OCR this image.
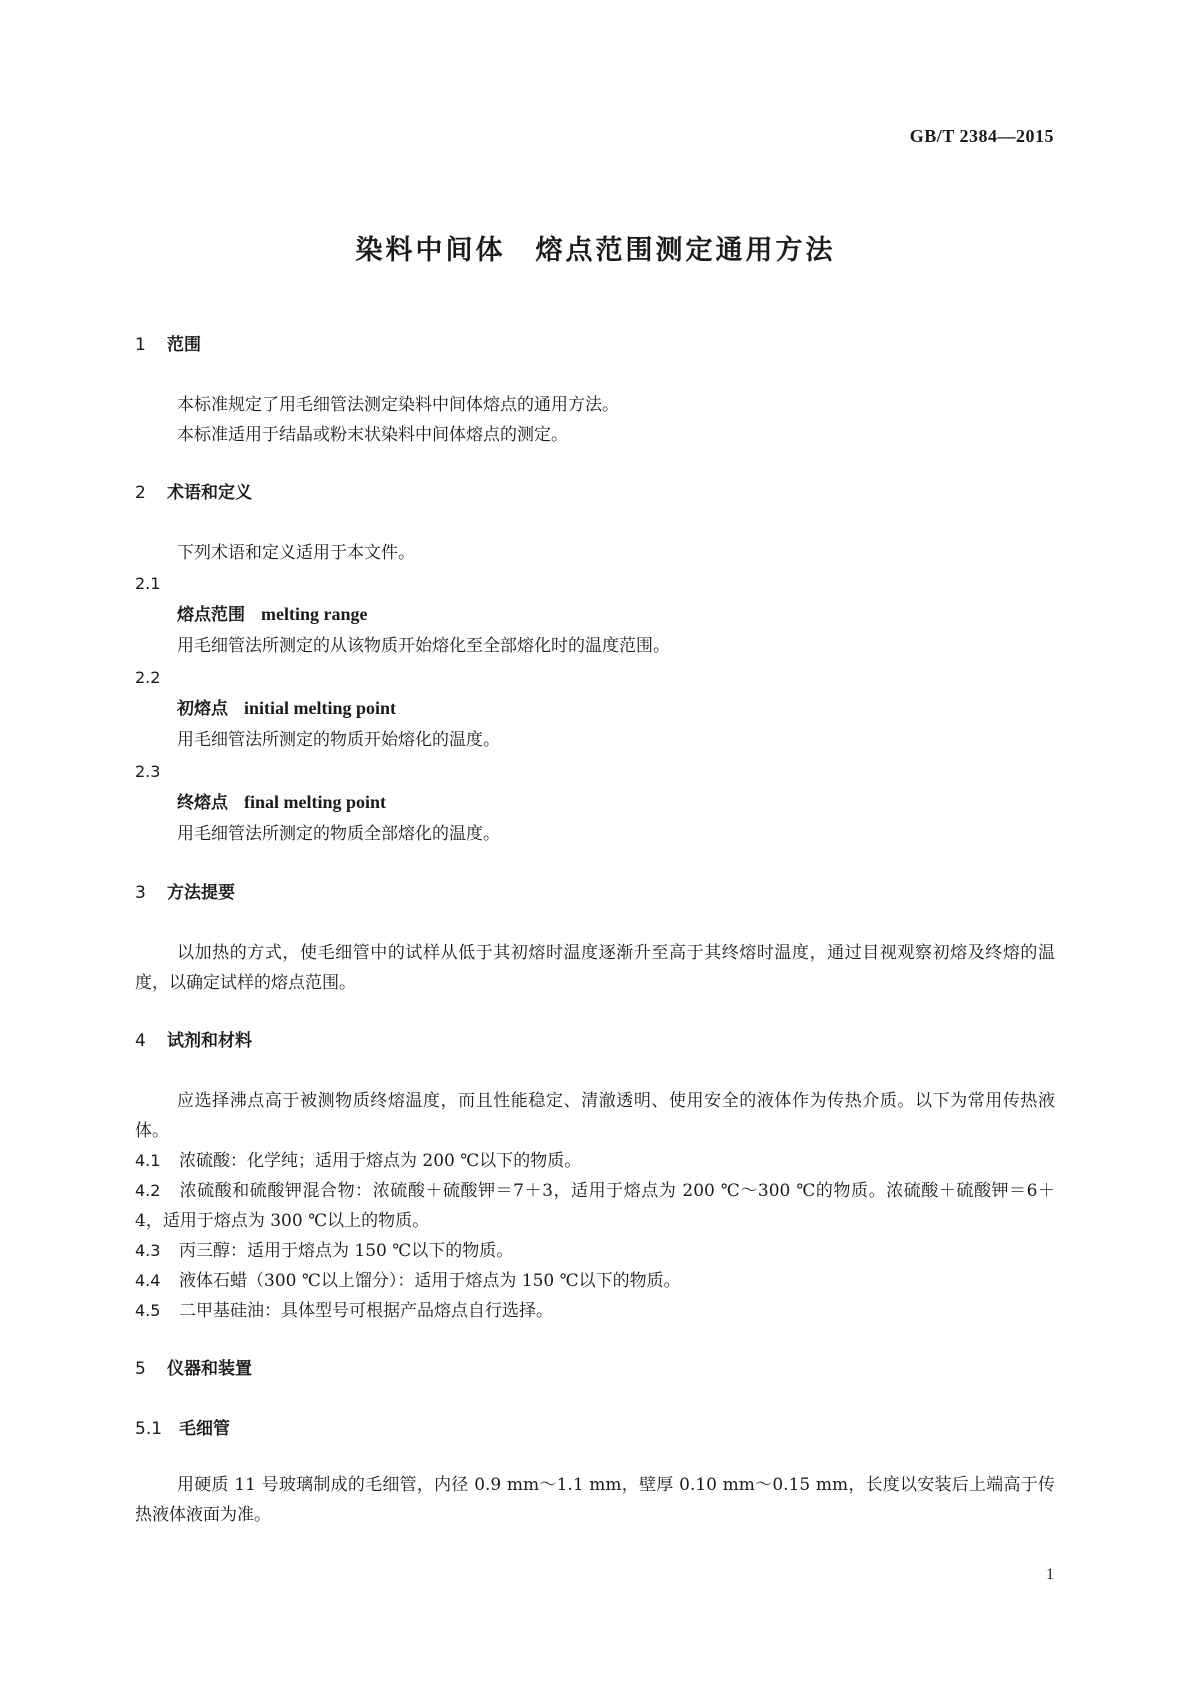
GB/T 2384—2015
染料中间体　熔点范围测定通用方法
1 范围

本标准规定了用毛细管法测定染料中间体熔点的通用方法。

本标准适用于结晶或粉末状染料中间体熔点的测定。

2 术语和定义

下列术语和定义适用于本文件。

2.1
熔点范围 melting range
用毛细管法所测定的从该物质开始熔化至全部熔化时的温度范围。
2.2
初熔点 initial melting point
用毛细管法所测定的物质开始熔化的温度。
2.3
终熔点 final melting point
用毛细管法所测定的物质全部熔化的温度。
3 方法提要

以加热的方式，使毛细管中的试样从低于其初熔时温度逐渐升至高于其终熔时温度，通过目视观察初熔及终熔的温度，以确定试样的熔点范围。

4 试剂和材料

应选择沸点高于被测物质终熔温度，而且性能稳定、清澈透明、使用安全的液体作为传热介质。以下为常用传热液体。

4.1 浓硫酸：化学纯；适用于熔点为 200 ℃以下的物质。
4.2 浓硫酸和硫酸钾混合物：浓硫酸＋硫酸钾＝7＋3，适用于熔点为 200 ℃～300 ℃的物质。浓硫酸＋硫酸钾＝6＋4，适用于熔点为 300 ℃以上的物质。
4.3 丙三醇：适用于熔点为 150 ℃以下的物质。
4.4 液体石蜡（300 ℃以上馏分）：适用于熔点为 150 ℃以下的物质。
4.5 二甲基硅油：具体型号可根据产品熔点自行选择。
5 仪器和装置
5.1 毛细管

用硬质 11 号玻璃制成的毛细管，内径 0.9 mm～1.1 mm，壁厚 0.10 mm～0.15 mm，长度以安装后上端高于传热液体液面为准。

1
